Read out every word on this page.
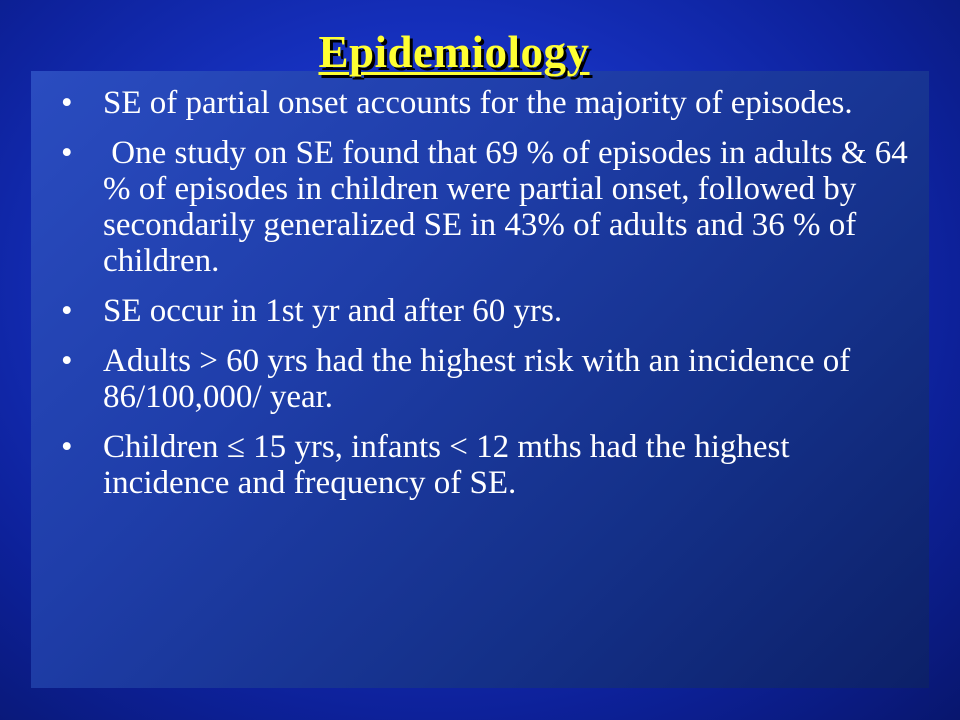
Epidemiology
• SE of partial onset accounts for the majority of episodes.
• One study on SE found that 69 % of episodes in adults & 64 % of episodes in children were partial onset, followed by secondarily generalized SE in 43% of adults and 36 % of children.
• SE occur in 1st yr and after 60 yrs.
• Adults > 60 yrs had the highest risk with an incidence of 86/100,000/ year.
• Children ≤ 15 yrs, infants < 12 mths had the highest incidence and frequency of SE.
